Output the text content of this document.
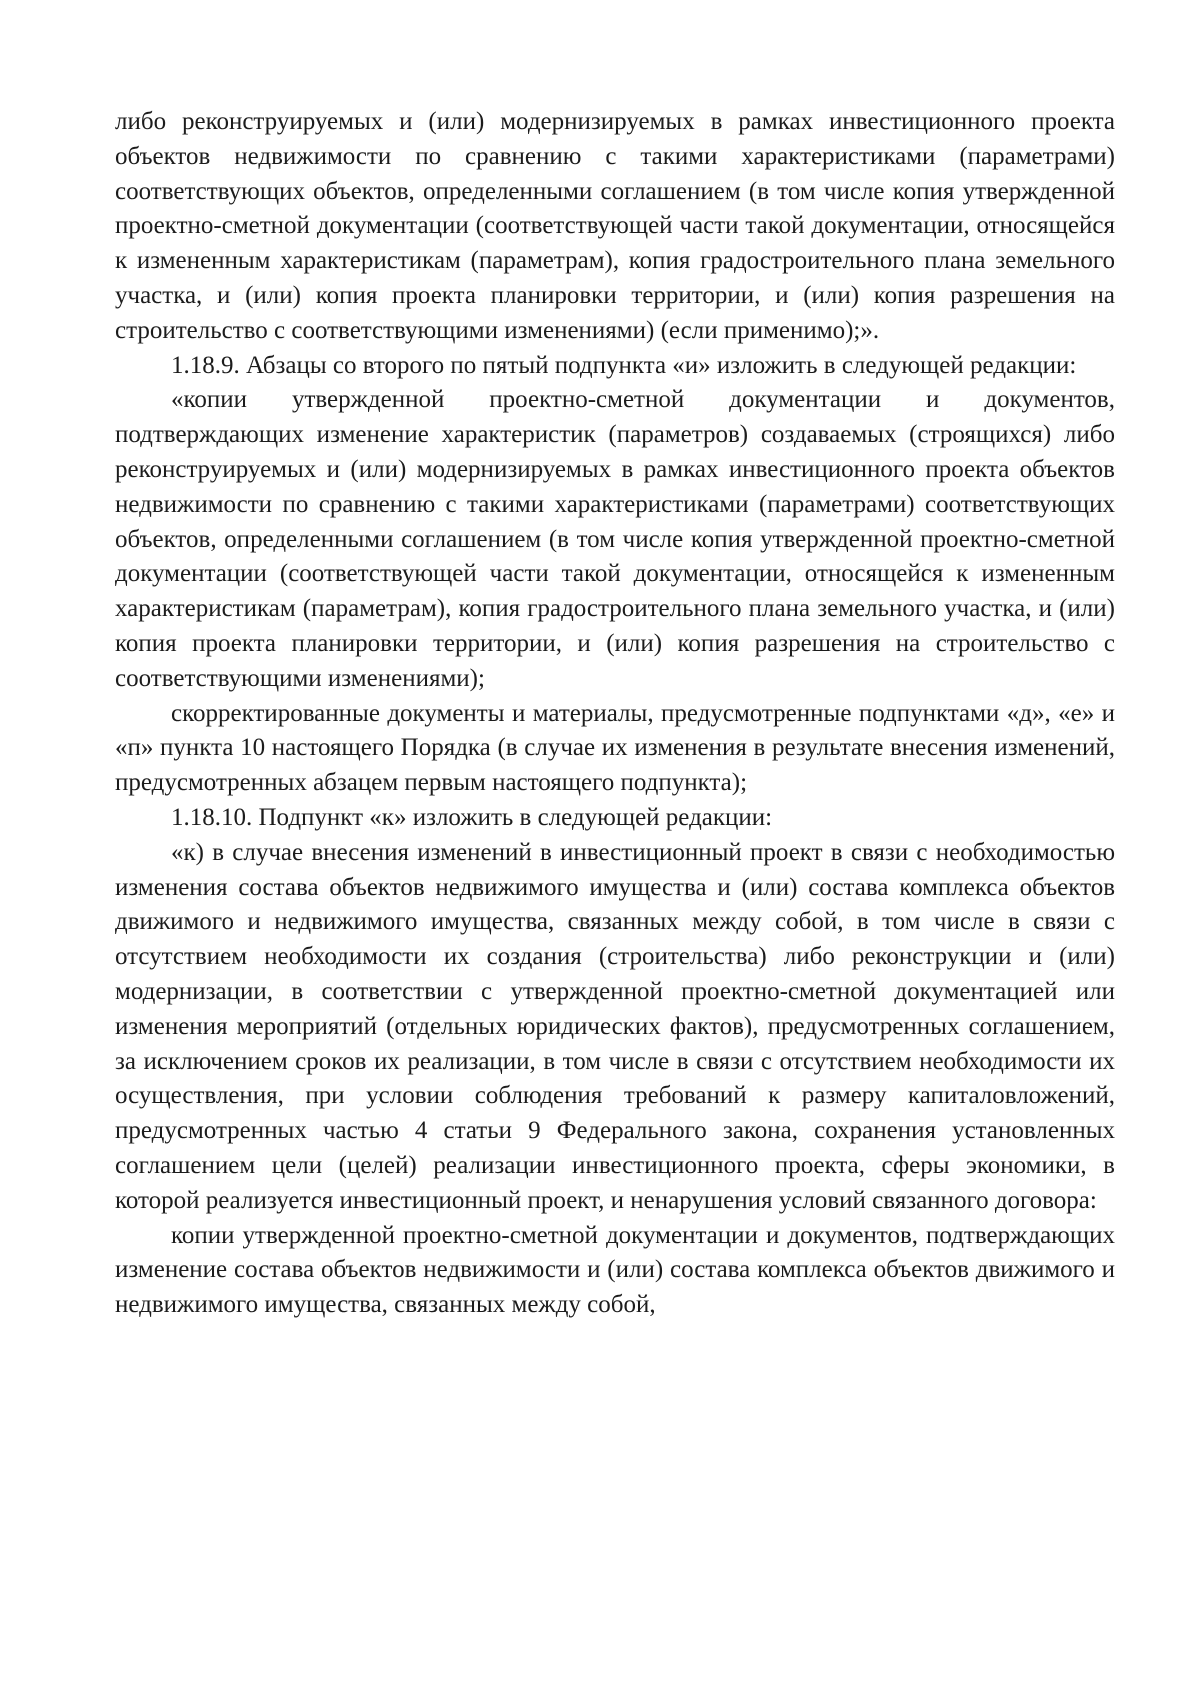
либо реконструируемых и (или) модернизируемых в рамках инвестиционного проекта объектов недвижимости по сравнению с такими характеристиками (параметрами) соответствующих объектов, определенными соглашением (в том числе копия утвержденной проектно-сметной документации (соответствующей части такой документации, относящейся к измененным характеристикам (параметрам), копия градостроительного плана земельного участка, и (или) копия проекта планировки территории, и (или) копия разрешения на строительство с соответствующими изменениями) (если применимо);».

1.18.9. Абзацы со второго по пятый подпункта «и» изложить в следующей редакции:

«копии утвержденной проектно-сметной документации и документов, подтверждающих изменение характеристик (параметров) создаваемых (строящихся) либо реконструируемых и (или) модернизируемых в рамках инвестиционного проекта объектов недвижимости по сравнению с такими характеристиками (параметрами) соответствующих объектов, определенными соглашением (в том числе копия утвержденной проектно-сметной документации (соответствующей части такой документации, относящейся к измененным характеристикам (параметрам), копия градостроительного плана земельного участка, и (или) копия проекта планировки территории, и (или) копия разрешения на строительство с соответствующими изменениями);

скорректированные документы и материалы, предусмотренные подпунктами «д», «е» и «п» пункта 10 настоящего Порядка (в случае их изменения в результате внесения изменений, предусмотренных абзацем первым настоящего подпункта);

1.18.10. Подпункт «к» изложить в следующей редакции:

«к) в случае внесения изменений в инвестиционный проект в связи с необходимостью изменения состава объектов недвижимого имущества и (или) состава комплекса объектов движимого и недвижимого имущества, связанных между собой, в том числе в связи с отсутствием необходимости их создания (строительства) либо реконструкции и (или) модернизации, в соответствии с утвержденной проектно-сметной документацией или изменения мероприятий (отдельных юридических фактов), предусмотренных соглашением, за исключением сроков их реализации, в том числе в связи с отсутствием необходимости их осуществления, при условии соблюдения требований к размеру капиталовложений, предусмотренных частью 4 статьи 9 Федерального закона, сохранения установленных соглашением цели (целей) реализации инвестиционного проекта, сферы экономики, в которой реализуется инвестиционный проект, и ненарушения условий связанного договора:

копии утвержденной проектно-сметной документации и документов, подтверждающих изменение состава объектов недвижимости и (или) состава комплекса объектов движимого и недвижимого имущества, связанных между собой,
